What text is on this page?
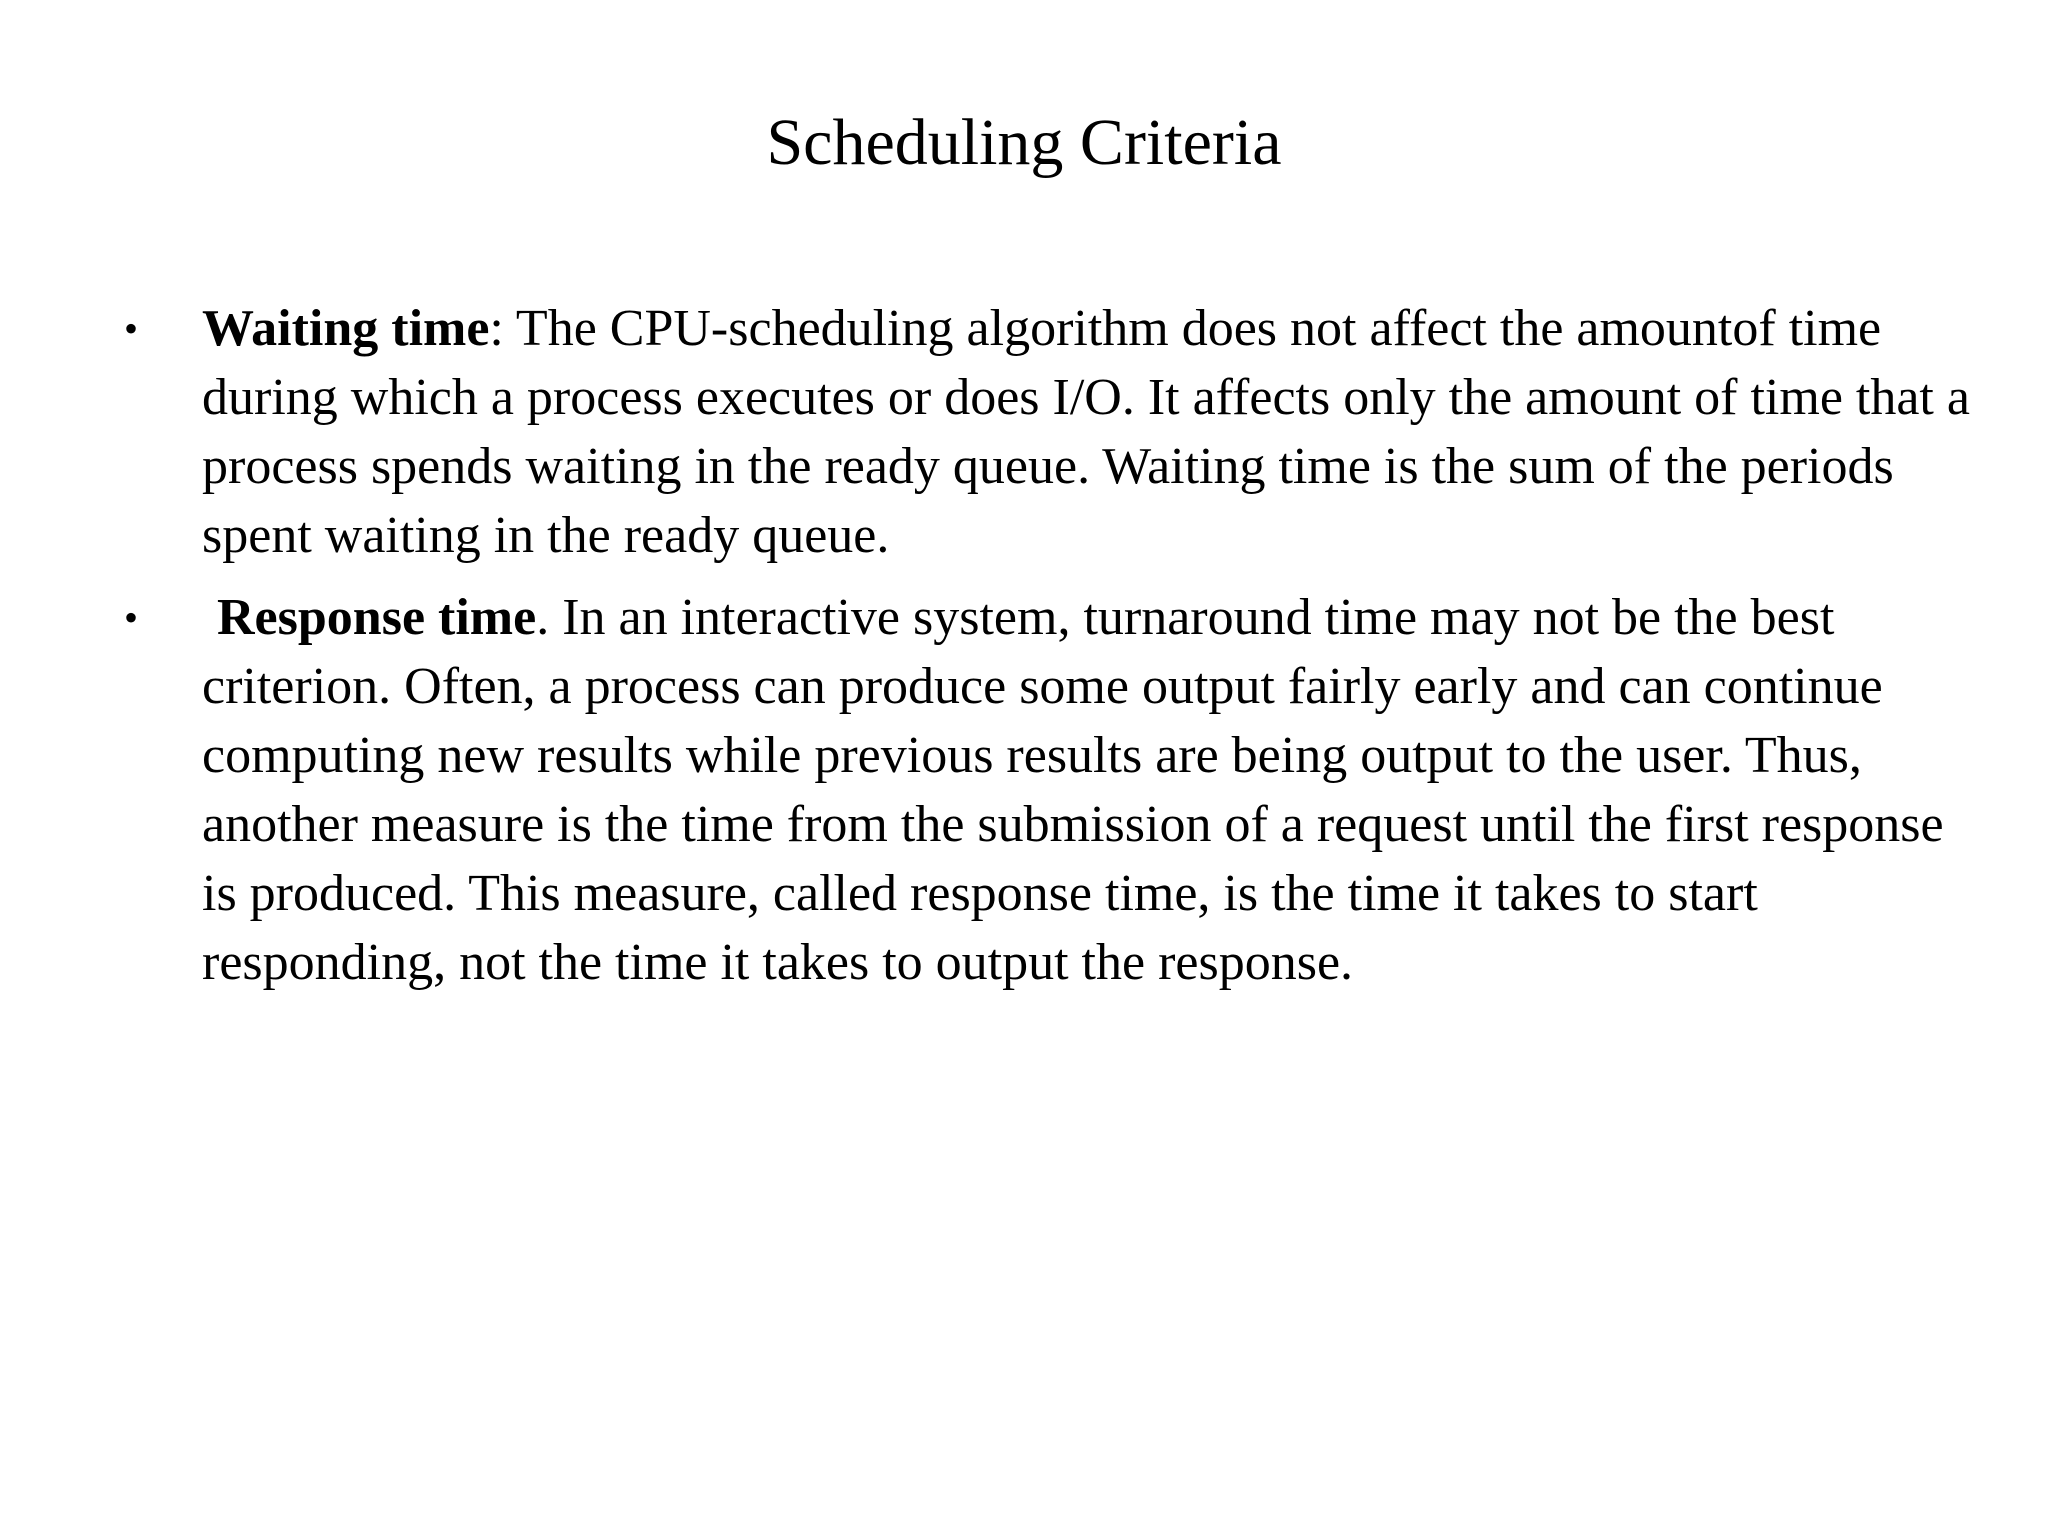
Scheduling Criteria
• Waiting time: The CPU-scheduling algorithm does not affect the amountof time during which a process executes or does I/O. It affects only the amount of time that a process spends waiting in the ready queue. Waiting time is the sum of the periods spent waiting in the ready queue.
• Response time. In an interactive system, turnaround time may not be the best criterion. Often, a process can produce some output fairly early and can continue computing new results while previous results are being output to the user. Thus, another measure is the time from the submission of a request until the first response is produced. This measure, called response time, is the time it takes to start responding, not the time it takes to output the response.
